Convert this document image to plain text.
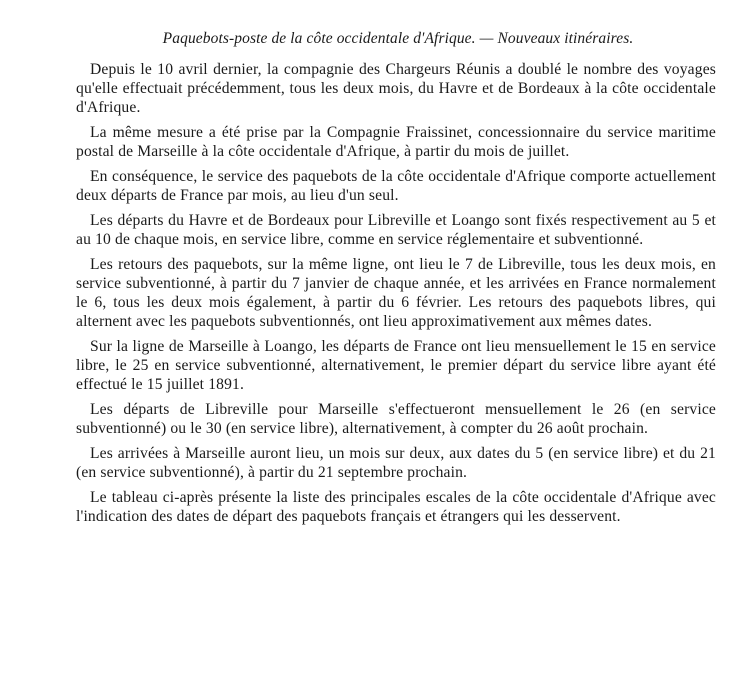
Paquebots-poste de la côte occidentale d'Afrique. — Nouveaux itinéraires.

Depuis le 10 avril dernier, la compagnie des Chargeurs Réunis a doublé le nombre des voyages qu'elle effectuait précédemment, tous les deux mois, du Havre et de Bordeaux à la côte occidentale d'Afrique.

La même mesure a été prise par la Compagnie Fraissinet, concessionnaire du service maritime postal de Marseille à la côte occidentale d'Afrique, à partir du mois de juillet.

En conséquence, le service des paquebots de la côte occidentale d'Afrique comporte actuellement deux départs de France par mois, au lieu d'un seul.

Les départs du Havre et de Bordeaux pour Libreville et Loango sont fixés respectivement au 5 et au 10 de chaque mois, en service libre, comme en service réglementaire et subventionné.

Les retours des paquebots, sur la même ligne, ont lieu le 7 de Libreville, tous les deux mois, en service subventionné, à partir du 7 janvier de chaque année, et les arrivées en France normalement le 6, tous les deux mois également, à partir du 6 février. Les retours des paquebots libres, qui alternent avec les paquebots subventionnés, ont lieu approximativement aux mêmes dates.

Sur la ligne de Marseille à Loango, les départs de France ont lieu mensuellement le 15 en service libre, le 25 en service subventionné, alternativement, le premier départ du service libre ayant été effectué le 15 juillet 1891.

Les départs de Libreville pour Marseille s'effectueront mensuellement le 26 (en service subventionné) ou le 30 (en service libre), alternativement, à compter du 26 août prochain.

Les arrivées à Marseille auront lieu, un mois sur deux, aux dates du 5 (en service libre) et du 21 (en service subventionné), à partir du 21 septembre prochain.

Le tableau ci-après présente la liste des principales escales de la côte occidentale d'Afrique avec l'indication des dates de départ des paquebots français et étrangers qui les desservent.
